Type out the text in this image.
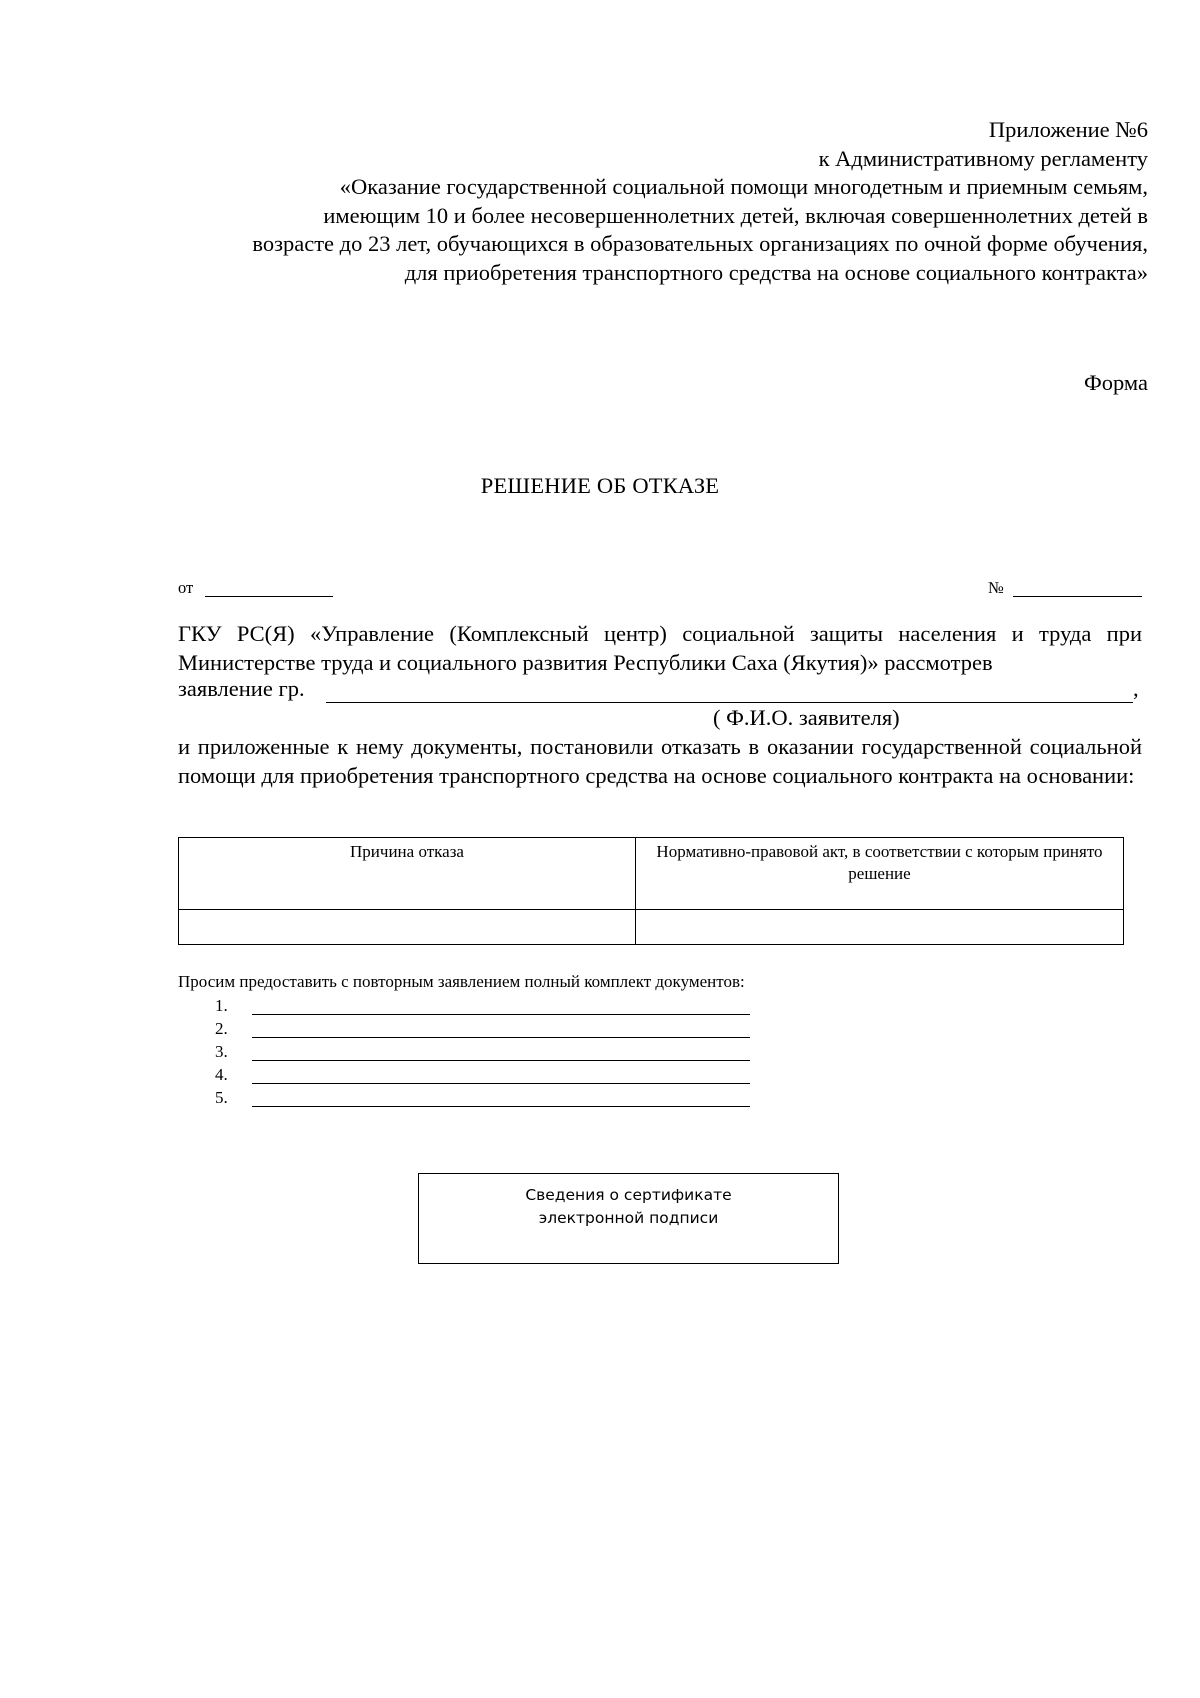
Приложение №6
к Административному регламенту
«Оказание государственной социальной помощи многодетным и приемным семьям,
имеющим 10 и более несовершеннолетних детей, включая совершеннолетних детей в
возрасте до 23 лет, обучающихся в образовательных организациях по очной форме обучения,
для приобретения транспортного средства на основе социального контракта»
Форма
РЕШЕНИЕ ОБ ОТКАЗЕ
от	№
ГКУ РС(Я) «Управление (Комплексный центр) социальной защиты населения и труда при Министерстве труда и социального развития Республики Саха (Якутия)» рассмотрев
заявление гр.	,
( Ф.И.О. заявителя)
и приложенные к нему документы, постановили отказать в оказании государственной социальной помощи для приобретения транспортного средства на основе социального контракта на основании:
Причина отказа	Нормативно-правовой акт, в соответствии с которым принято решение

Просим предоставить с повторным заявлением полный комплект документов:
1.
2.
3.
4.
5.
Сведения о сертификате
электронной подписи
